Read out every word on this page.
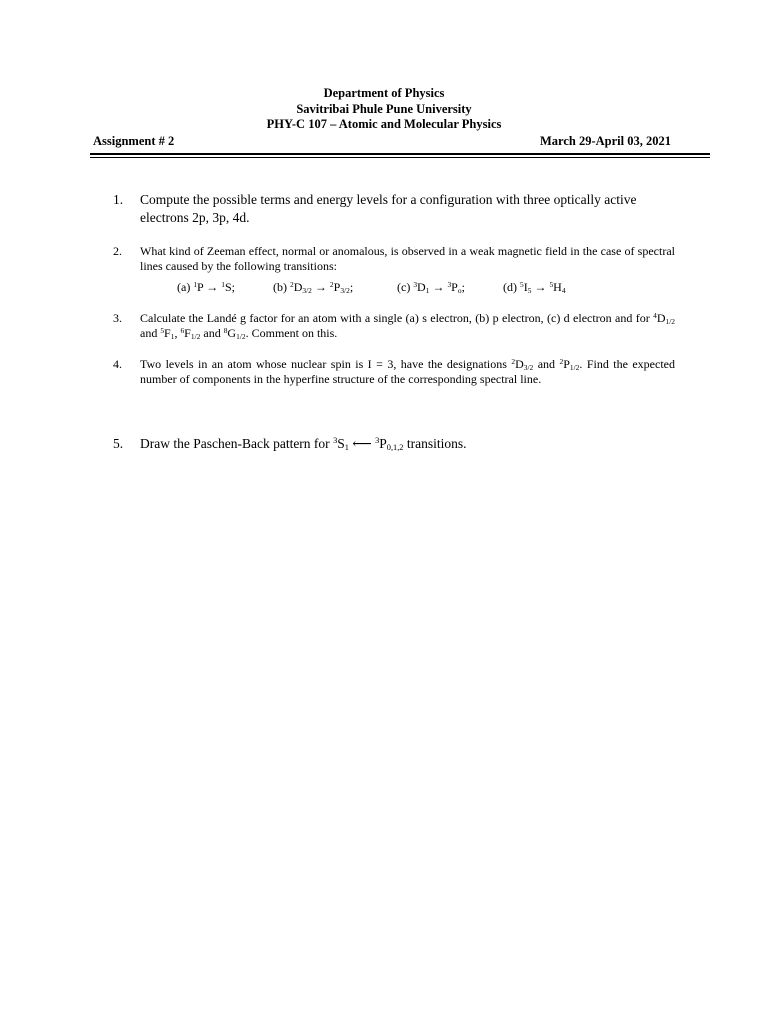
Department of Physics
Savitribai Phule Pune University
PHY-C 107 – Atomic and Molecular Physics
Assignment # 2	March 29-April 03, 2021
1.	Compute the possible terms and energy levels for a configuration with three optically active electrons 2p, 3p, 4d.
2.	What kind of Zeeman effect, normal or anomalous, is observed in a weak magnetic field in the case of spectral lines caused by the following transitions:
(a) $^1$P → $^1$S;	(b) $^2D_{3/2} \to ^2P_{3/2}$;	(c) $^3D_1 \to ^3P_o$;	(d) $^5I_5 \to ^5H_4$
3.	Calculate the Landé g factor for an atom with a single (a) s electron, (b) p electron, (c) d electron and for $^4D_{1/2}$ and $^5F_1$, $^6F_{1/2}$ and $^8G_{1/2}$. Comment on this.
4.	Two levels in an atom whose nuclear spin is I = 3, have the designations $^2D_{3/2}$ and $^2P_{1/2}$. Find the expected number of components in the hyperfine structure of the corresponding spectral line.
5.	Draw the Paschen-Back pattern for $^3S_1$ ⟵ $^3P_{0,1,2}$ transitions.
